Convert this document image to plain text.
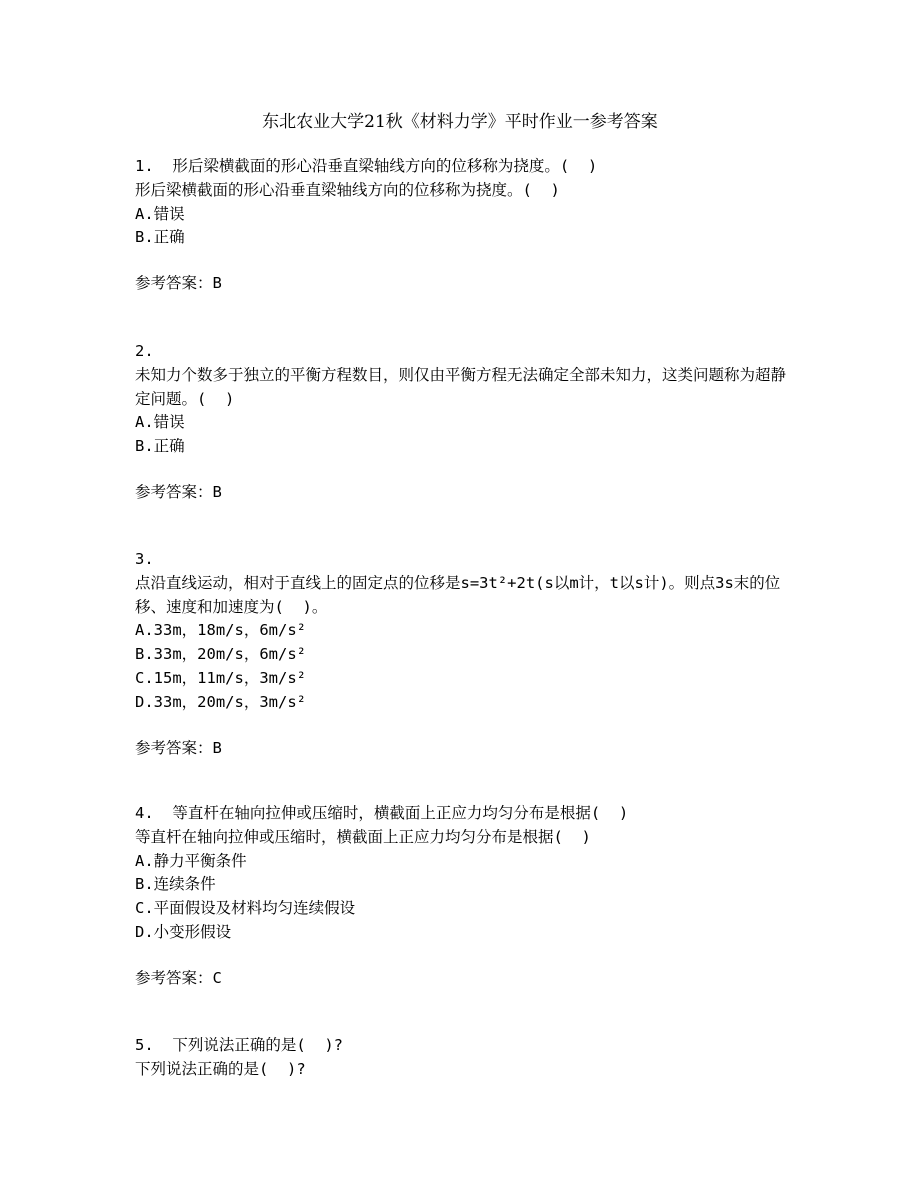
东北农业大学21秋《材料力学》平时作业一参考答案
1.  形后梁横截面的形心沿垂直梁轴线方向的位移称为挠度。(  )
形后梁横截面的形心沿垂直梁轴线方向的位移称为挠度。(  )
A.错误
B.正确
参考答案：B
2.
未知力个数多于独立的平衡方程数目，则仅由平衡方程无法确定全部未知力，这类问题称为超静定问题。(  )
A.错误
B.正确
参考答案：B
3.
点沿直线运动，相对于直线上的固定点的位移是s=3t²+2t(s以m计，t以s计)。则点3s末的位移、速度和加速度为(  )。
A.33m，18m/s，6m/s²
B.33m，20m/s，6m/s²
C.15m，11m/s，3m/s²
D.33m，20m/s，3m/s²
参考答案：B
4.  等直杆在轴向拉伸或压缩时，横截面上正应力均匀分布是根据(  )
等直杆在轴向拉伸或压缩时，横截面上正应力均匀分布是根据(  )
A.静力平衡条件
B.连续条件
C.平面假设及材料均匀连续假设
D.小变形假设
参考答案：C
5.  下列说法正确的是(  )?
下列说法正确的是(  )?
